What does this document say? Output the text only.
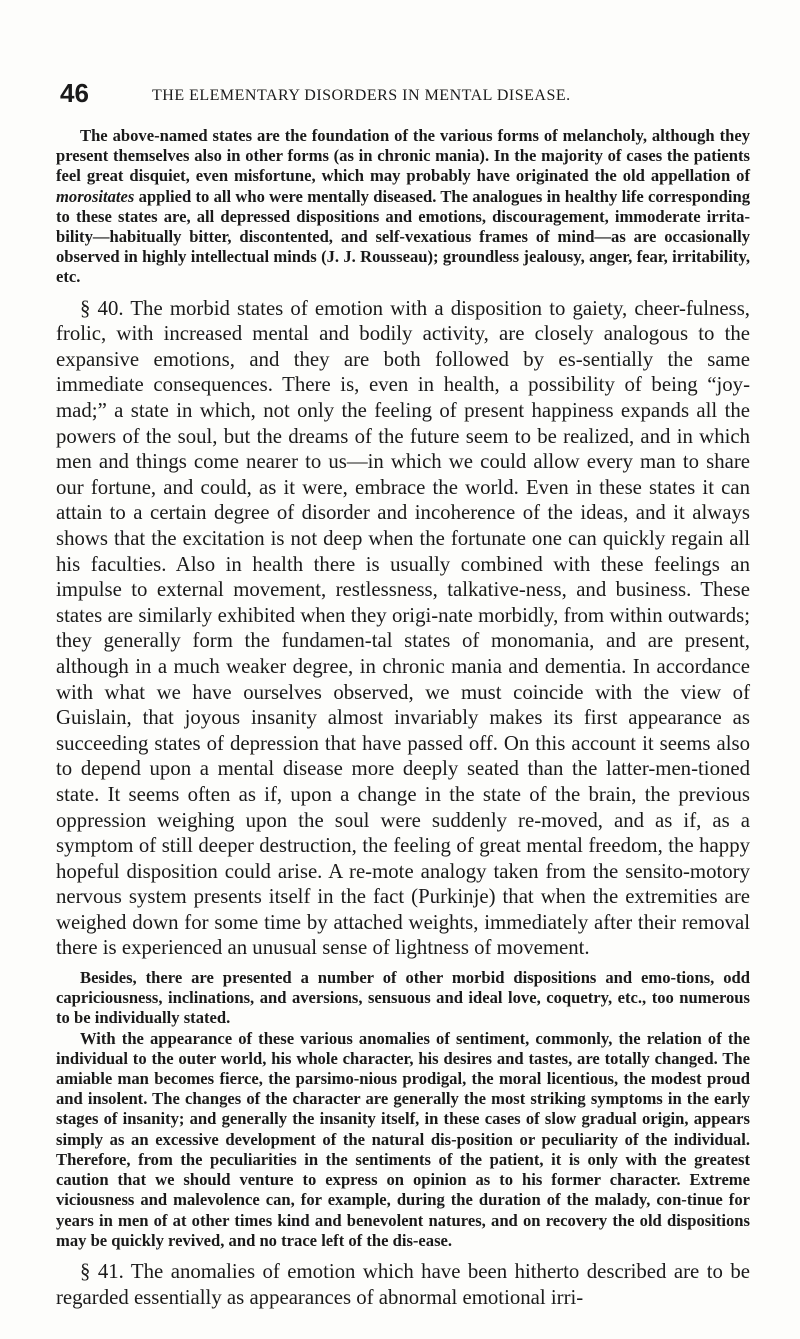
46	THE ELEMENTARY DISORDERS IN MENTAL DISEASE.

The above-named states are the foundation of the various forms of melancholy, although they present themselves also in other forms (as in chronic mania). In the majority of cases the patients feel great disquiet, even misfortune, which may probably have originated the old appellation of morositates applied to all who were mentally diseased. The analogues in healthy life corresponding to these states are, all depressed dispositions and emotions, discouragement, immoderate irrita-bility—habitually bitter, discontented, and self-vexatious frames of mind—as are occasionally observed in highly intellectual minds (J. J. Rousseau); groundless jealousy, anger, fear, irritability, etc.

§ 40. The morbid states of emotion with a disposition to gaiety, cheer-fulness, frolic, with increased mental and bodily activity, are closely analogous to the expansive emotions, and they are both followed by es-sentially the same immediate consequences. There is, even in health, a possibility of being “joy-mad;” a state in which, not only the feeling of present happiness expands all the powers of the soul, but the dreams of the future seem to be realized, and in which men and things come nearer to us—in which we could allow every man to share our fortune, and could, as it were, embrace the world. Even in these states it can attain to a certain degree of disorder and incoherence of the ideas, and it always shows that the excitation is not deep when the fortunate one can quickly regain all his faculties. Also in health there is usually combined with these feelings an impulse to external movement, restlessness, talkative-ness, and business. These states are similarly exhibited when they origi-nate morbidly, from within outwards; they generally form the fundamen-tal states of monomania, and are present, although in a much weaker degree, in chronic mania and dementia. In accordance with what we have ourselves observed, we must coincide with the view of Guislain, that joyous insanity almost invariably makes its first appearance as succeeding states of depression that have passed off. On this account it seems also to depend upon a mental disease more deeply seated than the latter-men-tioned state. It seems often as if, upon a change in the state of the brain, the previous oppression weighing upon the soul were suddenly re-moved, and as if, as a symptom of still deeper destruction, the feeling of great mental freedom, the happy hopeful disposition could arise. A re-mote analogy taken from the sensito-motory nervous system presents itself in the fact (Purkinje) that when the extremities are weighed down for some time by attached weights, immediately after their removal there is experienced an unusual sense of lightness of movement.

Besides, there are presented a number of other morbid dispositions and emo-tions, odd capriciousness, inclinations, and aversions, sensuous and ideal love, coquetry, etc., too numerous to be individually stated.

With the appearance of these various anomalies of sentiment, commonly, the relation of the individual to the outer world, his whole character, his desires and tastes, are totally changed. The amiable man becomes fierce, the parsimo-nious prodigal, the moral licentious, the modest proud and insolent. The changes of the character are generally the most striking symptoms in the early stages of insanity; and generally the insanity itself, in these cases of slow gradual origin, appears simply as an excessive development of the natural dis-position or peculiarity of the individual. Therefore, from the peculiarities in the sentiments of the patient, it is only with the greatest caution that we should venture to express on opinion as to his former character. Extreme viciousness and malevolence can, for example, during the duration of the malady, con-tinue for years in men of at other times kind and benevolent natures, and on recovery the old dispositions may be quickly revived, and no trace left of the dis-ease.

§ 41. The anomalies of emotion which have been hitherto described are to be regarded essentially as appearances of abnormal emotional irri-
